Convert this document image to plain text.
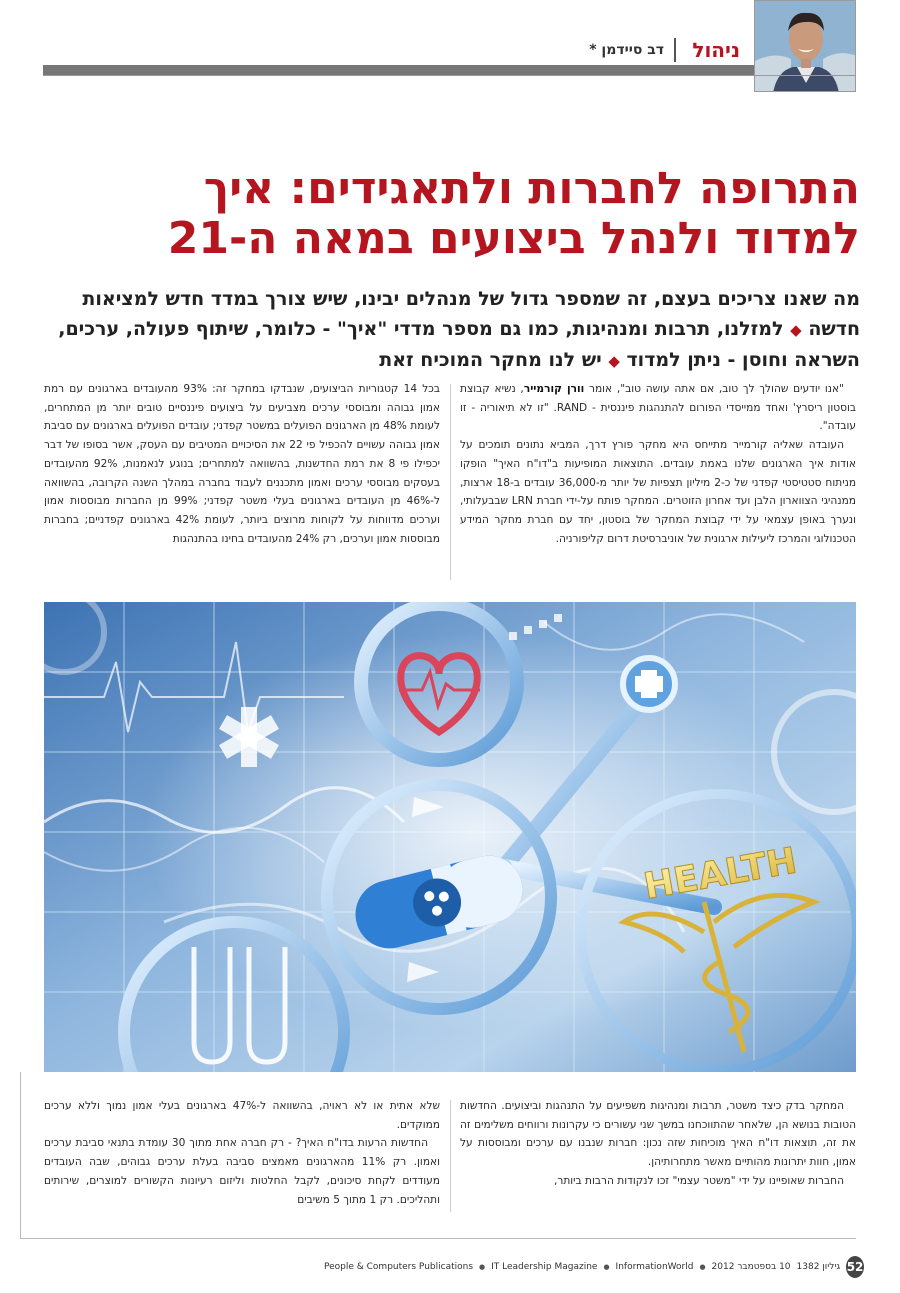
ניהול
דב סיידמן *
התרופה לחברות ולתאגידים: איך
למדוד ולנהל ביצועים במאה ה-21
מה שאנו צריכים בעצם, זה שמספר גדול של מנהלים יבינו, שיש צורך במדד חדש למציאות
חדשה ◆ למזלנו, תרבות ומנהיגות, כמו גם מספר מדדי "איך" - כלומר, שיתוף פעולה, ערכים,
השראה וחוסן - ניתן למדוד ◆ יש לנו מחקר המוכיח זאת

"אנו יודעים שהולך לך טוב, אם אתה עושה טוב", אומר וורן קורמייר, נשיא קבוצת בוסטון ריסרץ' ואחד ממייסדי הפורום להתנהגות פיננסית - RAND. "זו לא תיאוריה - זו עובדה".

העובדה שאליה קורמייר מתייחס היא מחקר פורץ דרך, המביא נתונים תומכים על אודות איך הארגונים שלנו באמת עובדים. התוצאות המופיעות ב"דו"ח האיך" הופקו מניתוח סטטיסטי קפדני של כ-2 מיליון תצפיות של יותר מ-36,000 עובדים ב-18 ארצות, ממנהיגי הצווארון הלבן ועד אחרון הזוטרים. המחקר פותח על-ידי חברת LRN שבבעלותי, ונערך באופן עצמאי על ידי קבוצת המחקר של בוסטון, יחד עם חברת מחקר המידע הטכנולוגי והמרכז ליעילות ארגונית של אוניברסיטת דרום קליפורניה.

בכל 14 קטגוריות הביצועים, שנבדקו במחקר זה: 93% מהעובדים בארגונים עם רמת אמון גבוהה ומבוססי ערכים מצביעים על ביצועים פיננסיים טובים יותר מן המתחרים, לעומת 48% מן הארגונים הפועלים במשטר קפדני; עובדים הפועלים בארגונים עם סביבת אמון גבוהה עשויים להכפיל פי 22 את הסיכויים המטיבים עם העסק, אשר בסופו של דבר יכפילו פי 8 את רמת החדשנות, בהשוואה למתחרים; בנוגע לנאמנות, 92% מהעובדים בעסקים מבוססי ערכים ואמון מתכננים לעבוד בחברה במהלך השנה הקרובה, בהשוואה ל-46% מן העובדים בארגונים בעלי משטר קפדני; 99% מן החברות מבוססות אמון וערכים מדווחות על לקוחות מרוצים ביותר, לעומת 42% בארגונים קפדניים; בחברות מבוססות אמון וערכים, רק 24% מהעובדים בחינו בהתנהגות

HEALTH

המחקר בדק כיצד משטר, תרבות ומנהיגות משפיעים על התנהגות וביצועים. החדשות הטובות בנושא הן, שלאחר שהתווכחנו במשך שני עשורים כי עקרונות ורווחים משלימים זה את זה, תוצאות דו"ח האיך מוכיחות שזה נכון: חברות שנבנו עם ערכים ומבוססות על אמון, חוות יתרונות מהותיים מאשר מתחרותיהן.

החברות שאופיינו על ידי "משטר עצמי" זכו לנקודות הרבות ביותר,

שלא אתית או לא ראויה, בהשוואה ל-47% בארגונים בעלי אמון נמוך וללא ערכים ממוקדים.

החדשות הרעות בדו"ח האיך? - רק חברה אחת מתוך 30 עומדת בתנאי סביבת ערכים ואמון. רק 11% מהארגונים מאמצים סביבה בעלת ערכים גבוהים, שבה העובדים מעודדים לקחת סיכונים, לקבל החלטות וליזום רעיונות הקשורים למוצרים, שירותים ותהליכים. רק 1 מתוך 5 משיבים

52
גיליון 1382
10 בספטמבר 2012
●
InformationWorld
●
IT Leadership Magazine
●
People & Computers Publications
